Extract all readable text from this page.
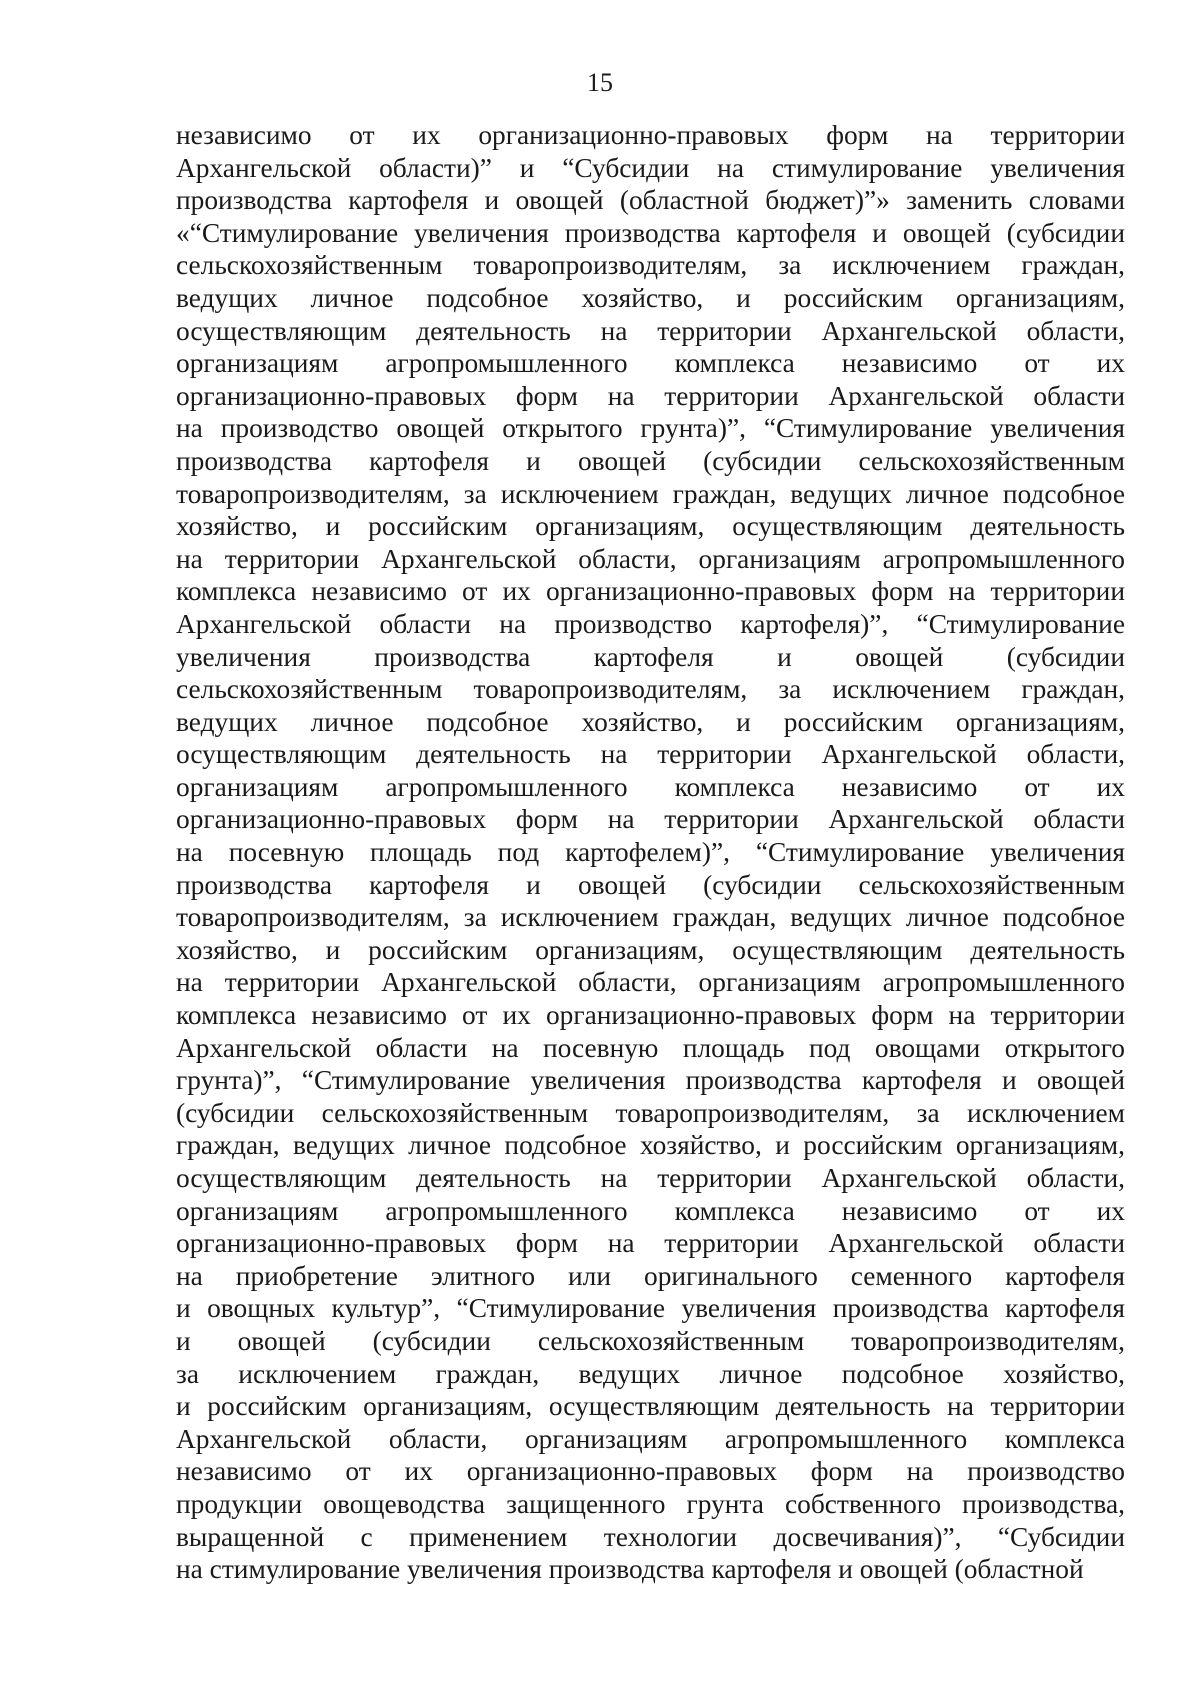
15
независимо от их организационно-правовых форм на территории
Архангельской области)” и “Субсидии на стимулирование увеличения
производства картофеля и овощей (областной бюджет)”» заменить словами
«“Стимулирование увеличения производства картофеля и овощей (субсидии
сельскохозяйственным товаропроизводителям, за исключением граждан,
ведущих личное подсобное хозяйство, и российским организациям,
осуществляющим деятельность на территории Архангельской области,
организациям агропромышленного комплекса независимо от их
организационно-правовых форм на территории Архангельской области
на производство овощей открытого грунта)”, “Стимулирование увеличения
производства картофеля и овощей (субсидии сельскохозяйственным
товаропроизводителям, за исключением граждан, ведущих личное подсобное
хозяйство, и российским организациям, осуществляющим деятельность
на территории Архангельской области, организациям агропромышленного
комплекса независимо от их организационно-правовых форм на территории
Архангельской области на производство картофеля)”, “Стимулирование
увеличения производства картофеля и овощей (субсидии
сельскохозяйственным товаропроизводителям, за исключением граждан,
ведущих личное подсобное хозяйство, и российским организациям,
осуществляющим деятельность на территории Архангельской области,
организациям агропромышленного комплекса независимо от их
организационно-правовых форм на территории Архангельской области
на посевную площадь под картофелем)”, “Стимулирование увеличения
производства картофеля и овощей (субсидии сельскохозяйственным
товаропроизводителям, за исключением граждан, ведущих личное подсобное
хозяйство, и российским организациям, осуществляющим деятельность
на территории Архангельской области, организациям агропромышленного
комплекса независимо от их организационно-правовых форм на территории
Архангельской области на посевную площадь под овощами открытого
грунта)”, “Стимулирование увеличения производства картофеля и овощей
(субсидии сельскохозяйственным товаропроизводителям, за исключением
граждан, ведущих личное подсобное хозяйство, и российским организациям,
осуществляющим деятельность на территории Архангельской области,
организациям агропромышленного комплекса независимо от их
организационно-правовых форм на территории Архангельской области
на приобретение элитного или оригинального семенного картофеля
и овощных культур”, “Стимулирование увеличения производства картофеля
и овощей (субсидии сельскохозяйственным товаропроизводителям,
за исключением граждан, ведущих личное подсобное хозяйство,
и российским организациям, осуществляющим деятельность на территории
Архангельской области, организациям агропромышленного комплекса
независимо от их организационно-правовых форм на производство
продукции овощеводства защищенного грунта собственного производства,
выращенной с применением технологии досвечивания)”, “Субсидии
на стимулирование увеличения производства картофеля и овощей (областной
